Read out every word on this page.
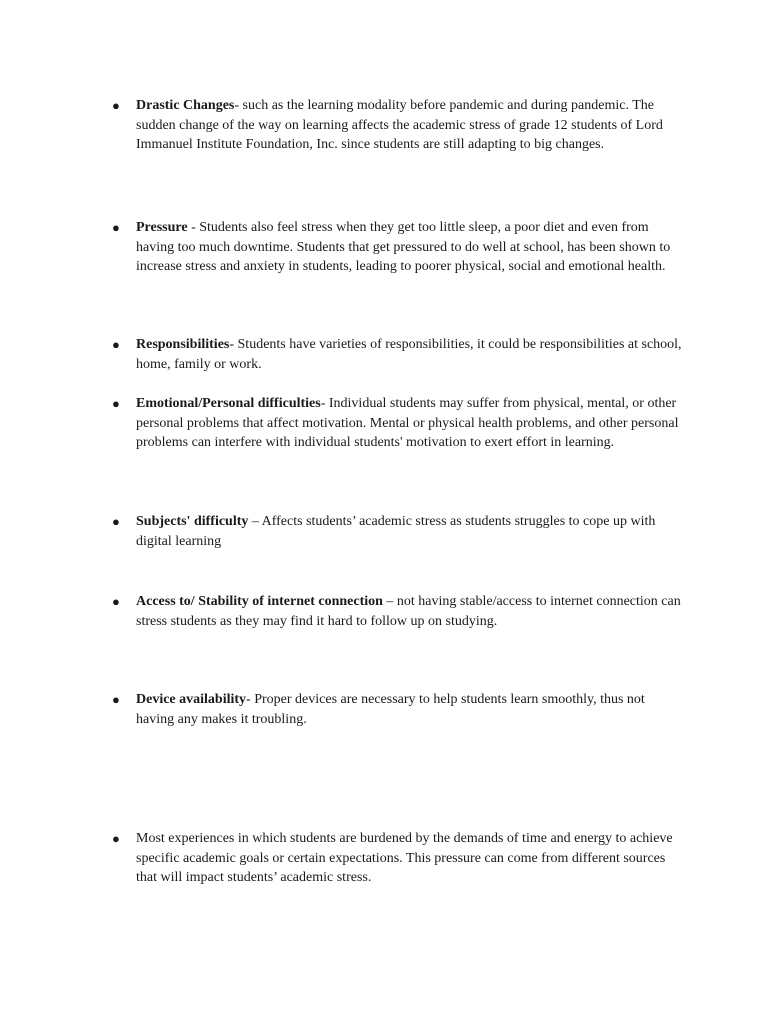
●	Drastic Changes- such as the learning modality before pandemic and during pandemic. The sudden change of the way on learning affects the academic stress of grade 12 students of Lord Immanuel Institute Foundation, Inc. since students are still adapting to big changes.
●	Pressure - Students also feel stress when they get too little sleep, a poor diet and even from having too much downtime. Students that get pressured to do well at school, has been shown to increase stress and anxiety in students, leading to poorer physical, social and emotional health.
●	Responsibilities- Students have varieties of responsibilities, it could be responsibilities at school, home, family or work.
●	Emotional/Personal difficulties- Individual students may suffer from physical, mental, or other personal problems that affect motivation. Mental or physical health problems, and other personal problems can interfere with individual students' motivation to exert effort in learning.
●	Subjects' difficulty – Affects students’ academic stress as students struggles to cope up with digital learning
●	Access to/ Stability of internet connection – not having stable/access to internet connection can stress students as they may find it hard to follow up on studying.
●	Device availability- Proper devices are necessary to help students learn smoothly, thus not having any makes it troubling.
●	Most experiences in which students are burdened by the demands of time and energy to achieve specific academic goals or certain expectations. This pressure can come from different sources that will impact students’ academic stress.
